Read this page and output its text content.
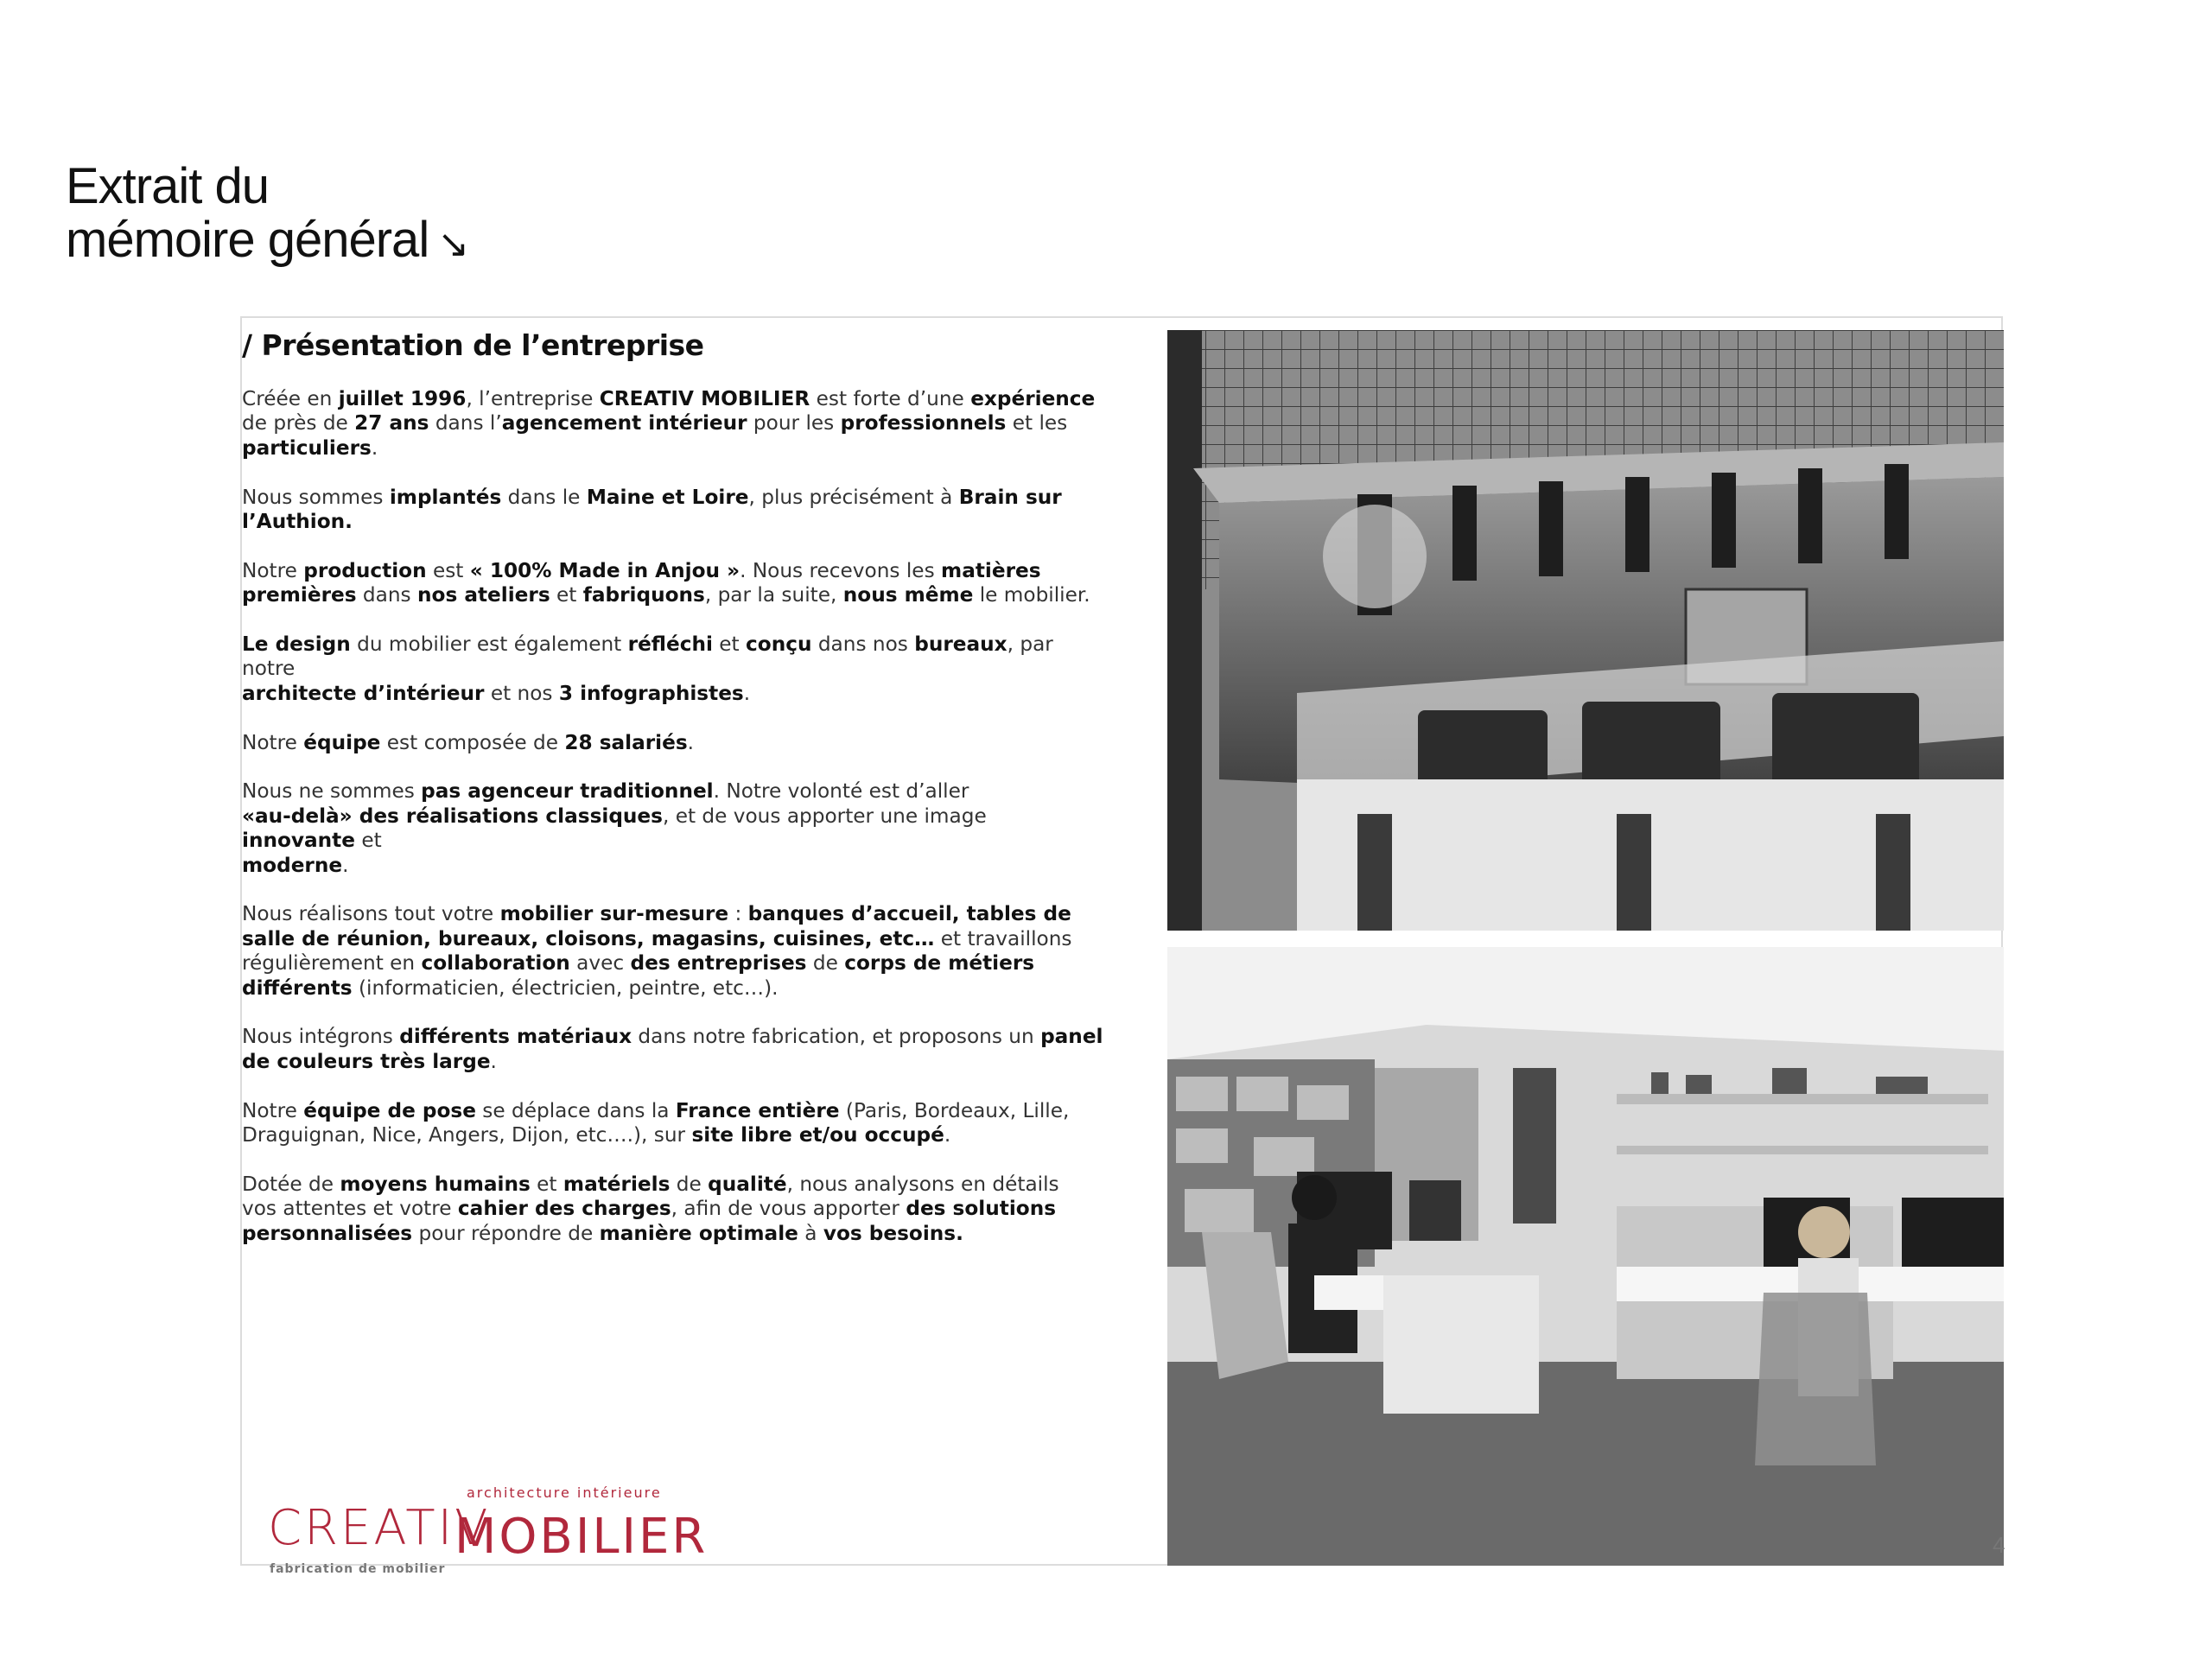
Extrait du
mémoire général ↘
/ Présentation de l’entreprise

Créée en juillet 1996, l’entreprise CREATIV MOBILIER est forte d’une expérience
de près de 27 ans dans l’agencement intérieur pour les professionnels et les
particuliers.

Nous sommes implantés dans le Maine et Loire, plus précisément à Brain sur
l’Authion.

Notre production est « 100% Made in Anjou ». Nous recevons les matières
premières dans nos ateliers et fabriquons, par la suite, nous même le mobilier.

Le design du mobilier est également réfléchi et conçu dans nos bureaux, par notre
architecte d’intérieur et nos 3 infographistes.

Notre équipe est composée de 28 salariés.

Nous ne sommes pas agenceur traditionnel. Notre volonté est d’aller
«au-delà» des réalisations classiques, et de vous apporter une image innovante et
moderne.

Nous réalisons tout votre mobilier sur-mesure : banques d’accueil, tables de
salle de réunion, bureaux, cloisons, magasins, cuisines, etc… et travaillons
régulièrement en collaboration avec des entreprises de corps de métiers
différents (informaticien, électricien, peintre, etc…).

Nous intégrons différents matériaux dans notre fabrication, et proposons un panel
de couleurs très large.

Notre équipe de pose se déplace dans la France entière (Paris, Bordeaux, Lille,
Draguignan, Nice, Angers, Dijon, etc….), sur site libre et/ou occupé.

Dotée de moyens humains et matériels de qualité, nous analysons en détails
vos attentes et votre cahier des charges, afin de vous apporter des solutions
personnalisées pour répondre de manière optimale à vos besoins.

architecture intérieure
CREATIV
MOBILIER
fabrication de mobilier
4
